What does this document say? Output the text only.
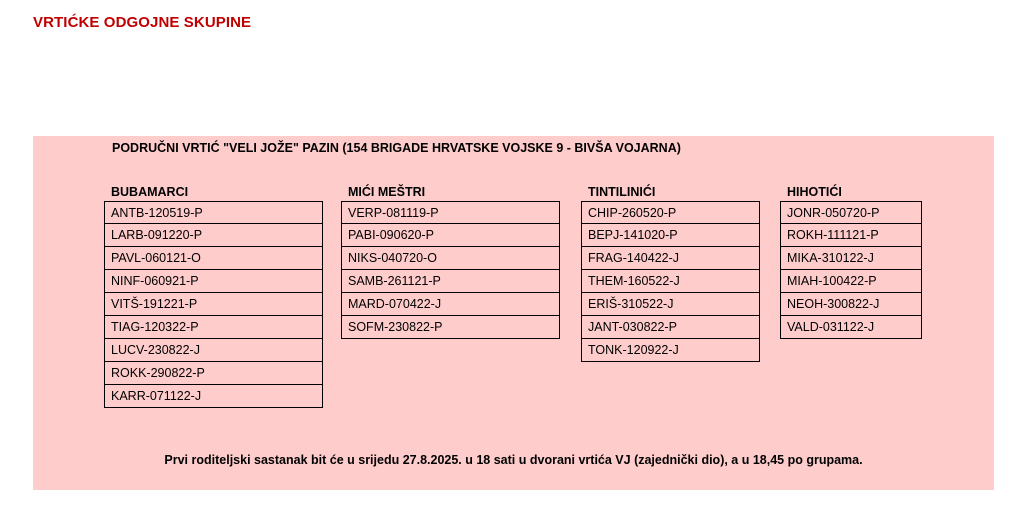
VRTIĆKE ODGOJNE SKUPINE
PODRUČNI VRTIĆ "VELI JOŽE" PAZIN (154 BRIGADE HRVATSKE VOJSKE 9 - BIVŠA VOJARNA)
BUBAMARCI
ANTB-120519-P
LARB-091220-P
PAVL-060121-O
NINF-060921-P
VITŠ-191221-P
TIAG-120322-P
LUCV-230822-J
ROKK-290822-P
KARR-071122-J
MIĆI MEŠTRI
VERP-081119-P
PABI-090620-P
NIKS-040720-O
SAMB-261121-P
MARD-070422-J
SOFM-230822-P
TINTILINIĆI
CHIP-260520-P
BEPJ-141020-P
FRAG-140422-J
THEM-160522-J
ERIŠ-310522-J
JANT-030822-P
TONK-120922-J
HIHOTIĆI
JONR-050720-P
ROKH-111121-P
MIKA-310122-J
MIAH-100422-P
NEOH-300822-J
VALD-031122-J
Prvi roditeljski sastanak bit će u srijedu 27.8.2025. u 18 sati u dvorani vrtića VJ (zajednički dio), a u 18,45 po grupama.
